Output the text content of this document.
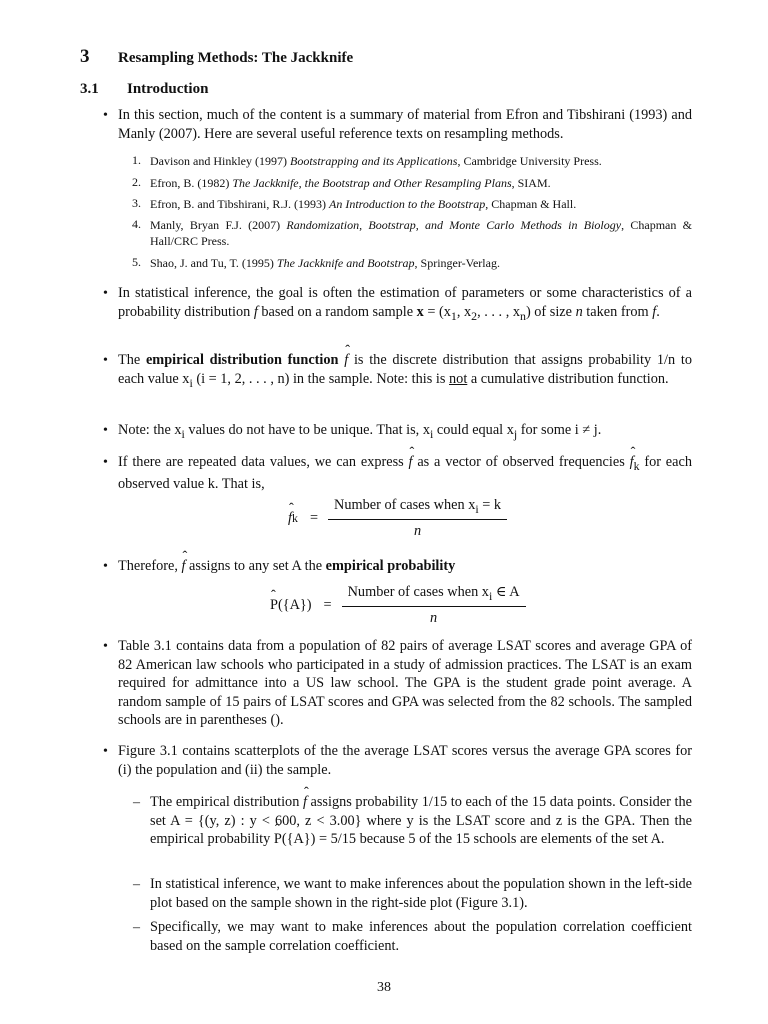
3 Resampling Methods: The Jackknife
3.1 Introduction
• In this section, much of the content is a summary of material from Efron and Tibshirani (1993) and Manly (2007). Here are several useful reference texts on resampling methods.
1. Davison and Hinkley (1997) Bootstrapping and its Applications, Cambridge University Press.
2. Efron, B. (1982) The Jackknife, the Bootstrap and Other Resampling Plans, SIAM.
3. Efron, B. and Tibshirani, R.J. (1993) An Introduction to the Bootstrap, Chapman & Hall.
4. Manly, Bryan F.J. (2007) Randomization, Bootstrap, and Monte Carlo Methods in Biology, Chapman & Hall/CRC Press.
5. Shao, J. and Tu, T. (1995) The Jackknife and Bootstrap, Springer-Verlag.
• In statistical inference, the goal is often the estimation of parameters or some characteristics of a probability distribution f based on a random sample $x = (x_1$, $x_2$, . . . , $x_n$) of size n taken from f.
• The empirical distribution function ˆ f is the discrete distribution that assigns probability 1/n to each value $x_i$ (i = 1, 2, . . . , n) in the sample. Note: this is not a cumulative distribution function.
• Note: the $x_i$ values do not have to be unique. That is, $x_i$ could equal $x_j$ for some i ≠ j.
• If there are repeated data values, we can express ˆ f as a vector of observed frequencies ˆ $f_k$ for each observed value k. That is,
ˆ f $k = \frac{Number of cases when x_i = k}{n}$
• Therefore, ˆ f assigns to any set A the empirical probability
ˆ $P(\{A\}) = \frac{Number of cases when x_i \in A}{n}$
• Table 3.1 contains data from a population of 82 pairs of average LSAT scores and average GPA of 82 American law schools who participated in a study of admission practices. The LSAT is an exam required for admittance into a US law school. The GPA is the student grade point average. A random sample of 15 pairs of LSAT scores and GPA was selected from the 82 schools. The sampled schools are in parentheses ().
• Figure 3.1 contains scatterplots of the the average LSAT scores versus the average GPA scores for (i) the population and (ii) the sample.
– The empirical distribution ˆ f assigns probability 1/15 to each of the 15 data points. Consider the set A = {(y, z) : y < 600, z < 3.00} where y is the LSAT score and z is the GPA. Then the empirical probability ˆ P({A}) = 5/15 because 5 of the 15 schools are elements of the set A.
– In statistical inference, we want to make inferences about the population shown in the left-side plot based on the sample shown in the right-side plot (Figure 3.1).
– Specifically, we may want to make inferences about the population correlation coefficient based on the sample correlation coefficient.
38
